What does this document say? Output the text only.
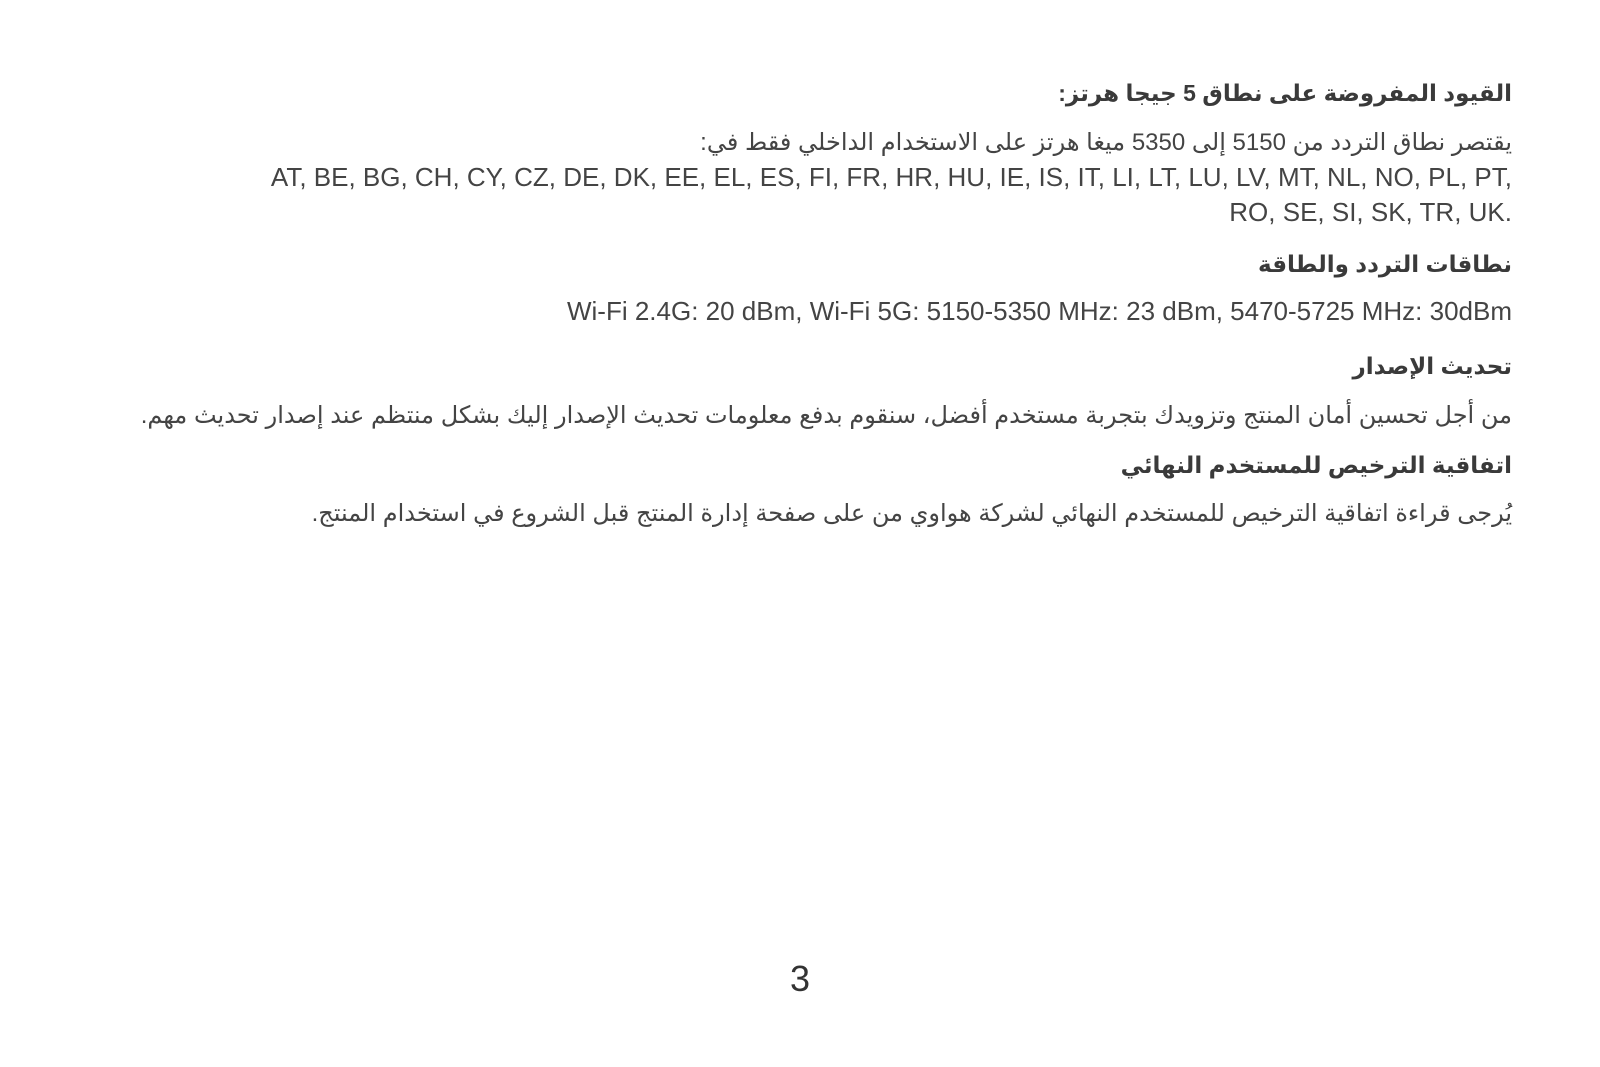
القيود المفروضة على نطاق 5 جيجا هرتز:
يقتصر نطاق التردد من 5150 إلى 5350 ميغا هرتز على الاستخدام الداخلي فقط في:
AT, BE, BG, CH, CY, CZ, DE, DK, EE, EL, ES, FI, FR, HR, HU, IE, IS, IT, LI, LT, LU, LV, MT, NL, NO, PL, PT,
.RO, SE, SI, SK, TR, UK
نطاقات التردد والطاقة
Wi-Fi 2.4G: 20 dBm, Wi-Fi 5G: 5150-5350 MHz: 23 dBm, 5470-5725 MHz: 30dBm
تحديث الإصدار
من أجل تحسين أمان المنتج وتزويدك بتجربة مستخدم أفضل، سنقوم بدفع معلومات تحديث الإصدار إليك بشكل منتظم عند إصدار تحديث مهم.
اتفاقية الترخيص للمستخدم النهائي
يُرجى قراءة اتفاقية الترخيص للمستخدم النهائي لشركة هواوي من على صفحة إدارة المنتج قبل الشروع في استخدام المنتج.
3
